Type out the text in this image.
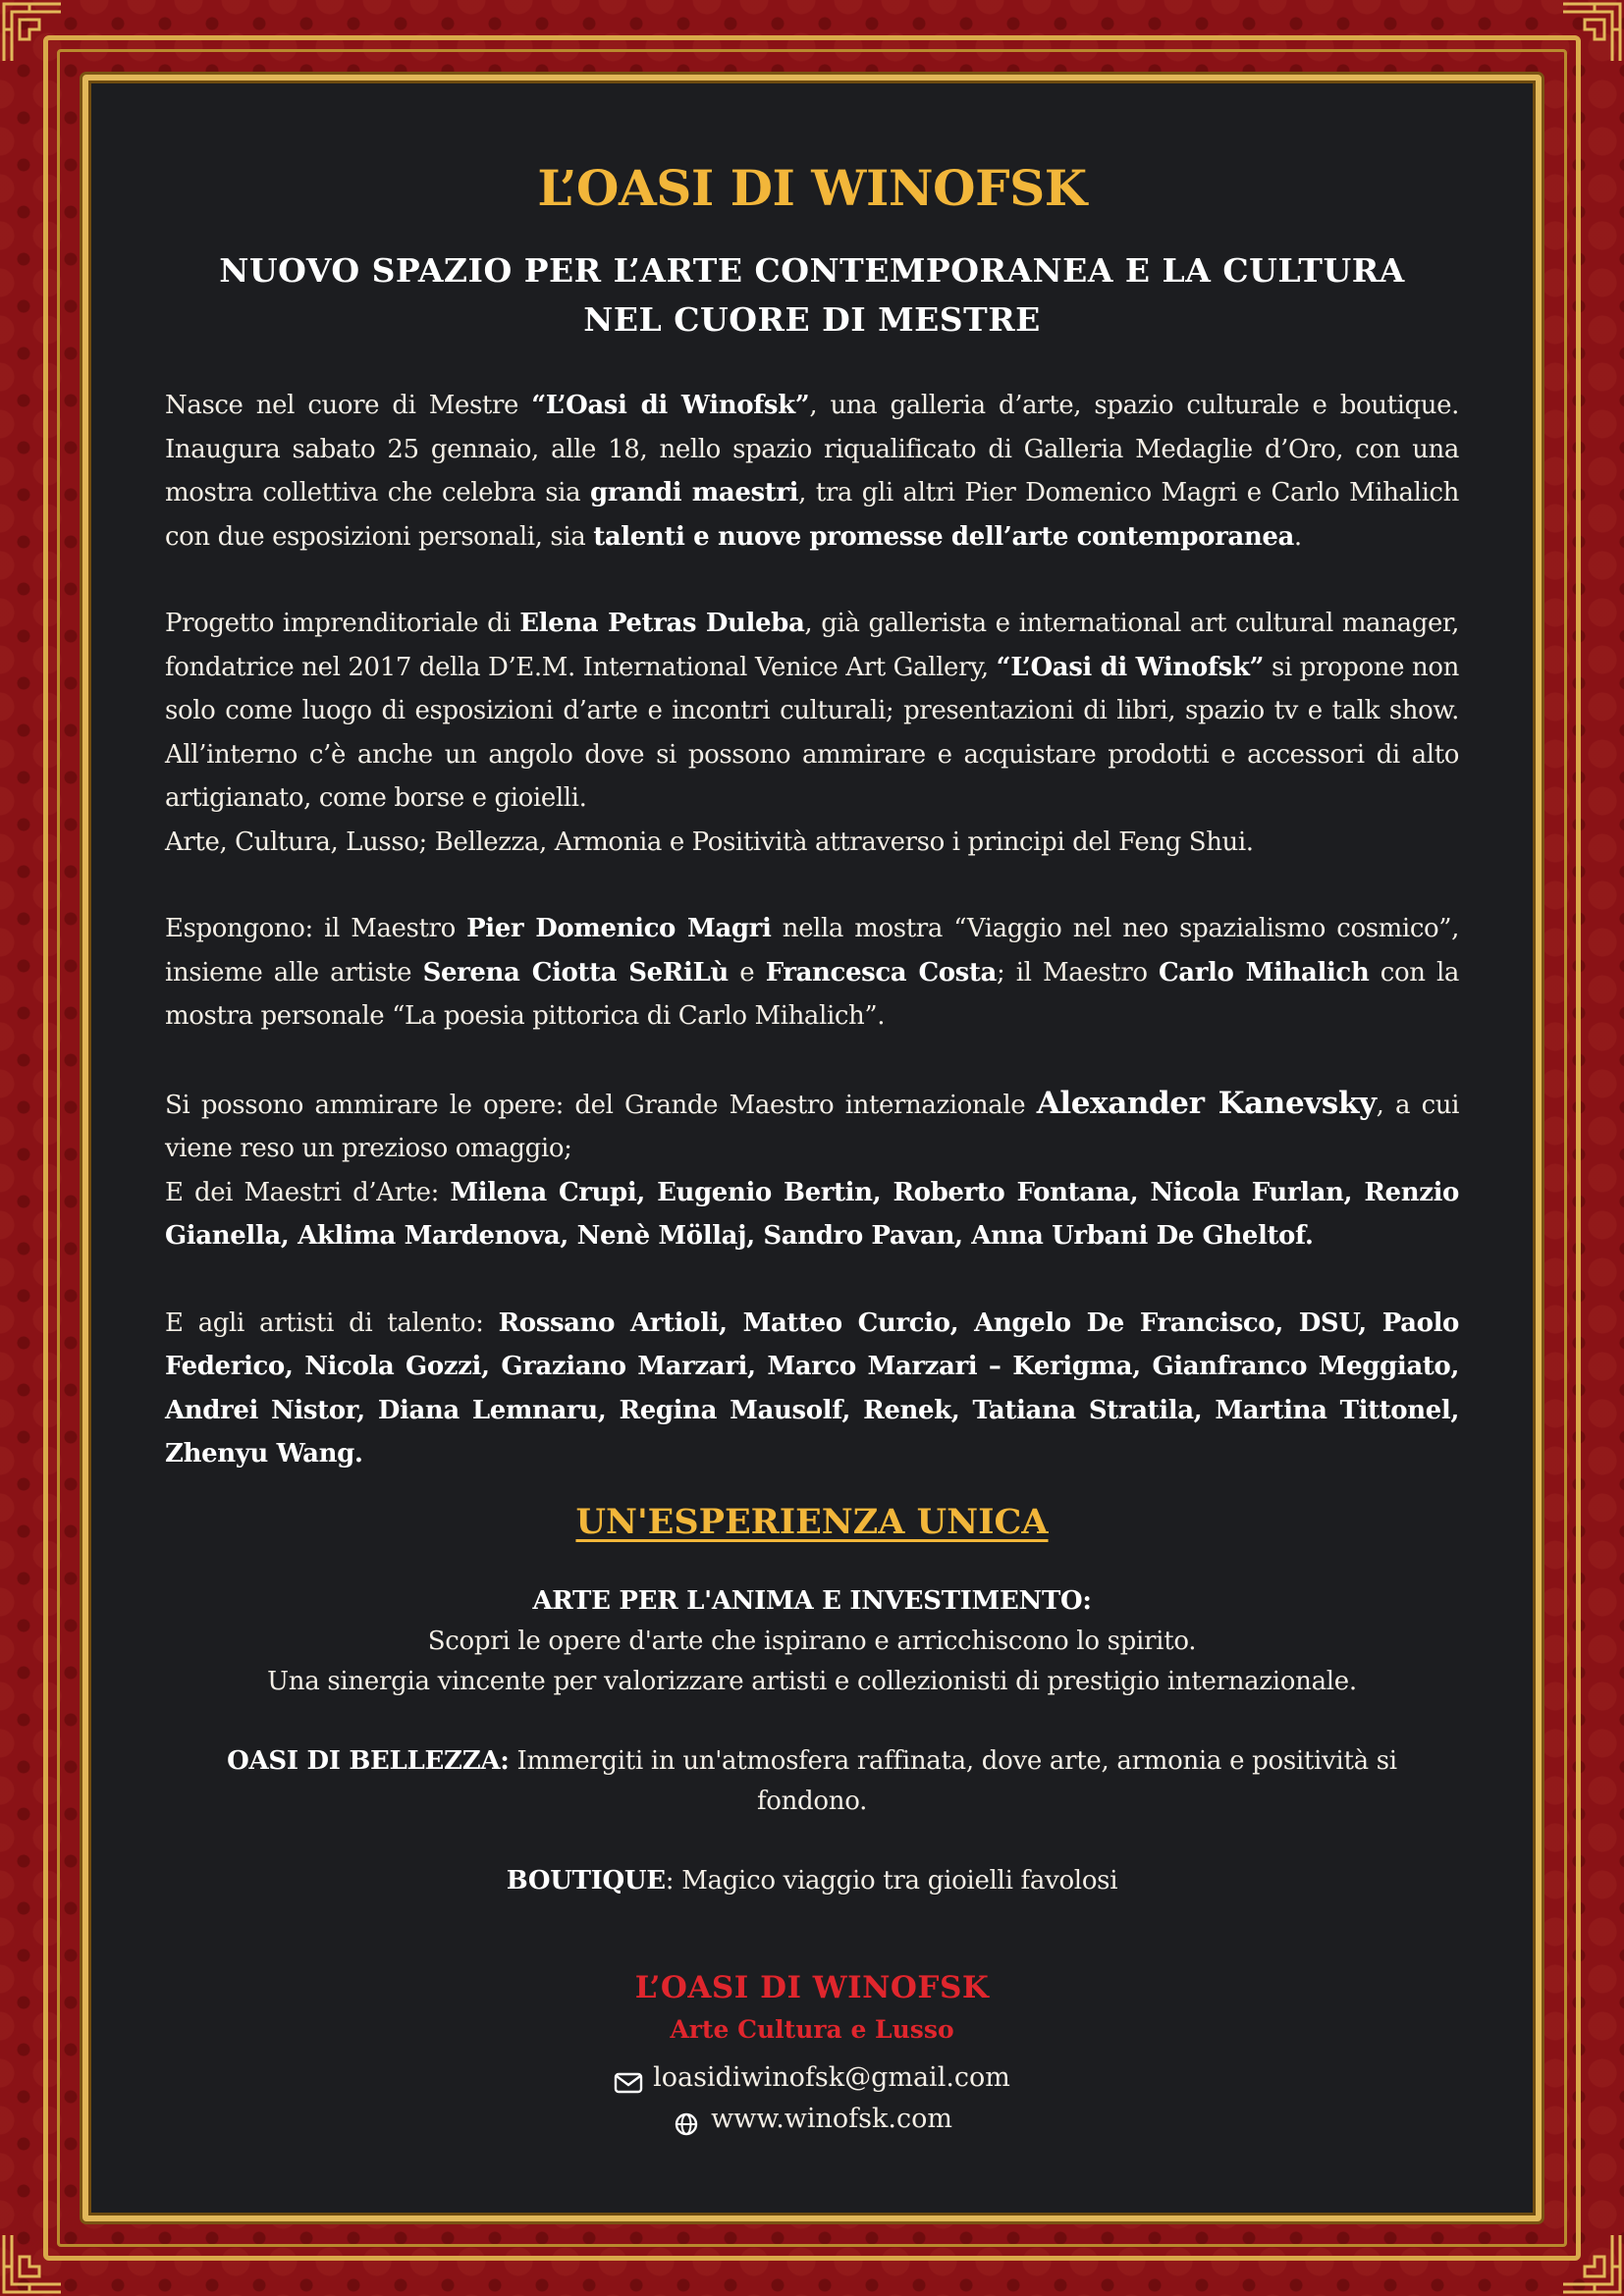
L’OASI DI WINOFSK
NUOVO SPAZIO PER L’ARTE CONTEMPORANEA E LA CULTURA
NEL CUORE DI MESTRE

Nasce nel cuore di Mestre “L’Oasi di Winofsk”, una galleria d’arte, spazio culturale e boutique. Inaugura sabato 25 gennaio, alle 18, nello spazio riqualificato di Galleria Medaglie d’Oro, con una mostra collettiva che celebra sia grandi maestri, tra gli altri Pier Domenico Magri e Carlo Mihalich con due esposizioni personali, sia talenti e nuove promesse dell’arte contemporanea.

Progetto imprenditoriale di Elena Petras Duleba, già gallerista e international art cultural manager, fondatrice nel 2017 della D’E.M. International Venice Art Gallery, “L’Oasi di Winofsk” si propone non solo come luogo di esposizioni d’arte e incontri culturali; presentazioni di libri, spazio tv e talk show. All’interno c’è anche un angolo dove si possono ammirare e acquistare prodotti e accessori di alto artigianato, come borse e gioielli.
Arte, Cultura, Lusso; Bellezza, Armonia e Positività attraverso i principi del Feng Shui.

Espongono: il Maestro Pier Domenico Magri nella mostra “Viaggio nel neo spazialismo cosmico”, insieme alle artiste Serena Ciotta SeRiLù e Francesca Costa; il Maestro Carlo Mihalich con la mostra personale “La poesia pittorica di Carlo Mihalich”.

Si possono ammirare le opere: del Grande Maestro internazionale Alexander Kanevsky, a cui viene reso un prezioso omaggio;
E dei Maestri d’Arte: Milena Crupi, Eugenio Bertin, Roberto Fontana, Nicola Furlan, Renzio Gianella, Aklima Mardenova, Nenè Möllaj, Sandro Pavan, Anna Urbani De Gheltof.

E agli artisti di talento: Rossano Artioli, Matteo Curcio, Angelo De Francisco, DSU, Paolo Federico, Nicola Gozzi, Graziano Marzari, Marco Marzari – Kerigma, Gianfranco Meggiato, Andrei Nistor, Diana Lemnaru, Regina Mausolf, Renek, Tatiana Stratila, Martina Tittonel, Zhenyu Wang.

UN'ESPERIENZA UNICA
ARTE PER L'ANIMA E INVESTIMENTO:
Scopri le opere d'arte che ispirano e arricchiscono lo spirito.
Una sinergia vincente per valorizzare artisti e collezionisti di prestigio internazionale.
OASI DI BELLEZZA: Immergiti in un'atmosfera raffinata, dove arte, armonia e positività si fondono.
BOUTIQUE: Magico viaggio tra gioielli favolosi
L’OASI DI WINOFSK
Arte Cultura e Lusso
loasidiwinofsk@gmail.com
www.winofsk.com
